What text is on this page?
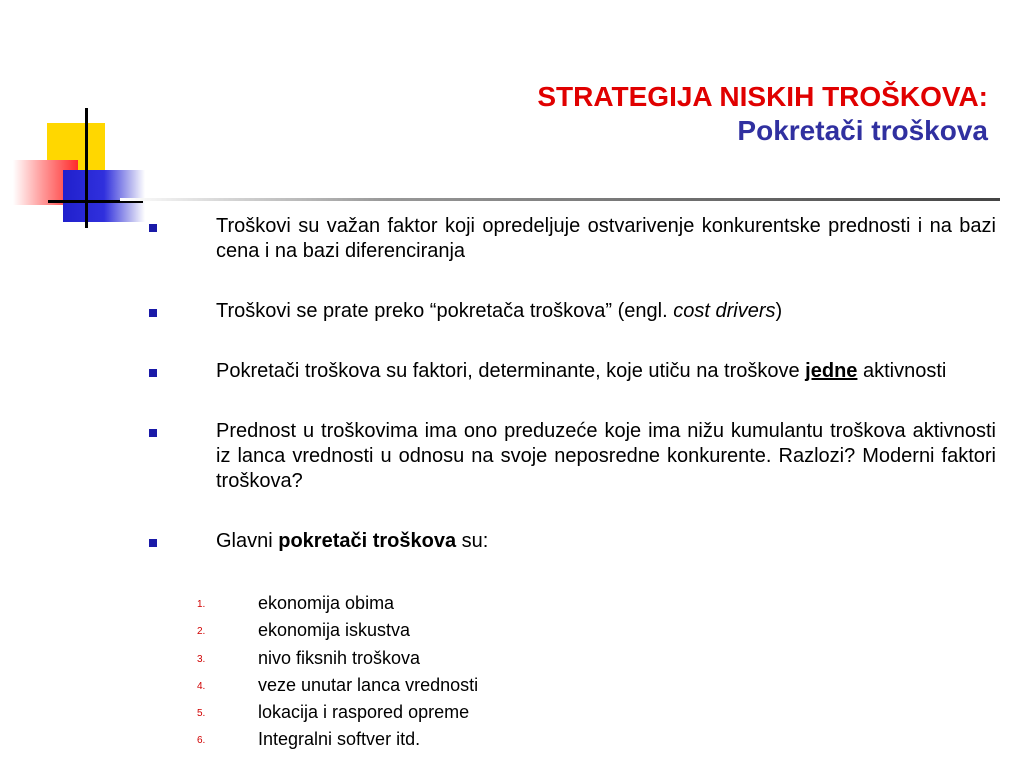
STRATEGIJA NISKIH TROŠKOVA:
Pokretači troškova
Troškovi su važan faktor koji opredeljuje ostvarivenje konkurentske prednosti i na bazi cena i na bazi diferenciranja
Troškovi se prate preko “pokretača troškova” (engl. cost drivers)
Pokretači troškova su faktori, determinante, koje utiču na troškove jedne aktivnosti
Prednost u troškovima ima ono preduzeće koje ima nižu kumulantu troškova aktivnosti iz lanca vrednosti u odnosu na svoje neposredne konkurente. Razlozi? Moderni faktori troškova?
Glavni pokretači troškova su:
1.	ekonomija obima
2.	ekonomija iskustva
3.	nivo fiksnih troškova
4.	veze unutar lanca vrednosti
5.	lokacija i raspored opreme
6.	Integralni softver itd.
